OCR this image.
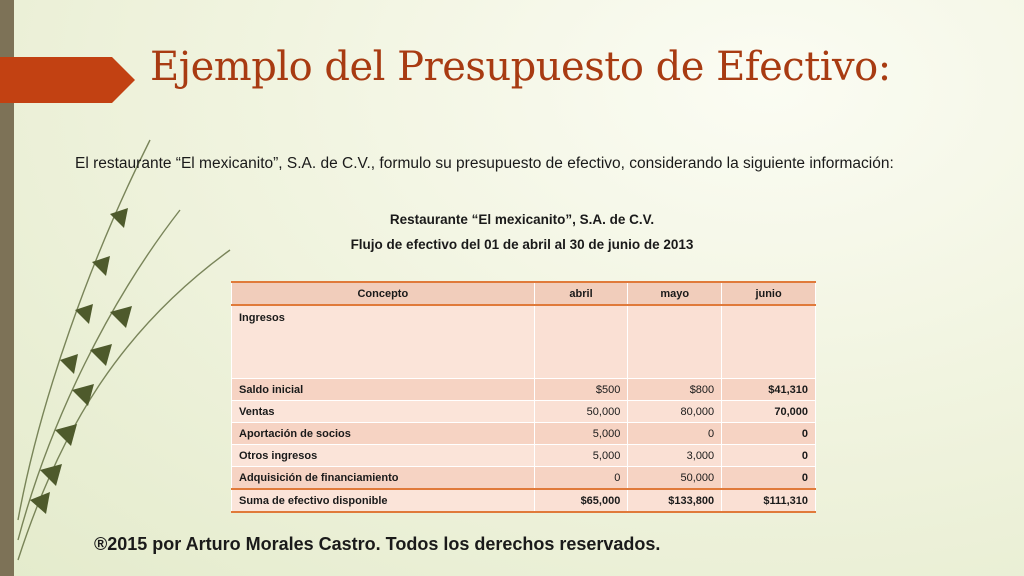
Ejemplo del Presupuesto de Efectivo:

El restaurante “El mexicanito”, S.A. de C.V., formulo su presupuesto de efectivo, considerando la siguiente información:

Restaurante “El mexicanito”, S.A. de C.V.

Flujo de efectivo del 01 de abril al 30 de junio de 2013

Concepto	abril	mayo	junio
Ingresos			
Saldo inicial	$500	$800	$41,310
Ventas	50,000	80,000	70,000
Aportación de socios	5,000	0	0
Otros ingresos	5,000	3,000	0
Adquisición de financiamiento	0	50,000	0
Suma de efectivo disponible	$65,000	$133,800	$111,310

®2015 por Arturo Morales Castro. Todos los derechos reservados.
